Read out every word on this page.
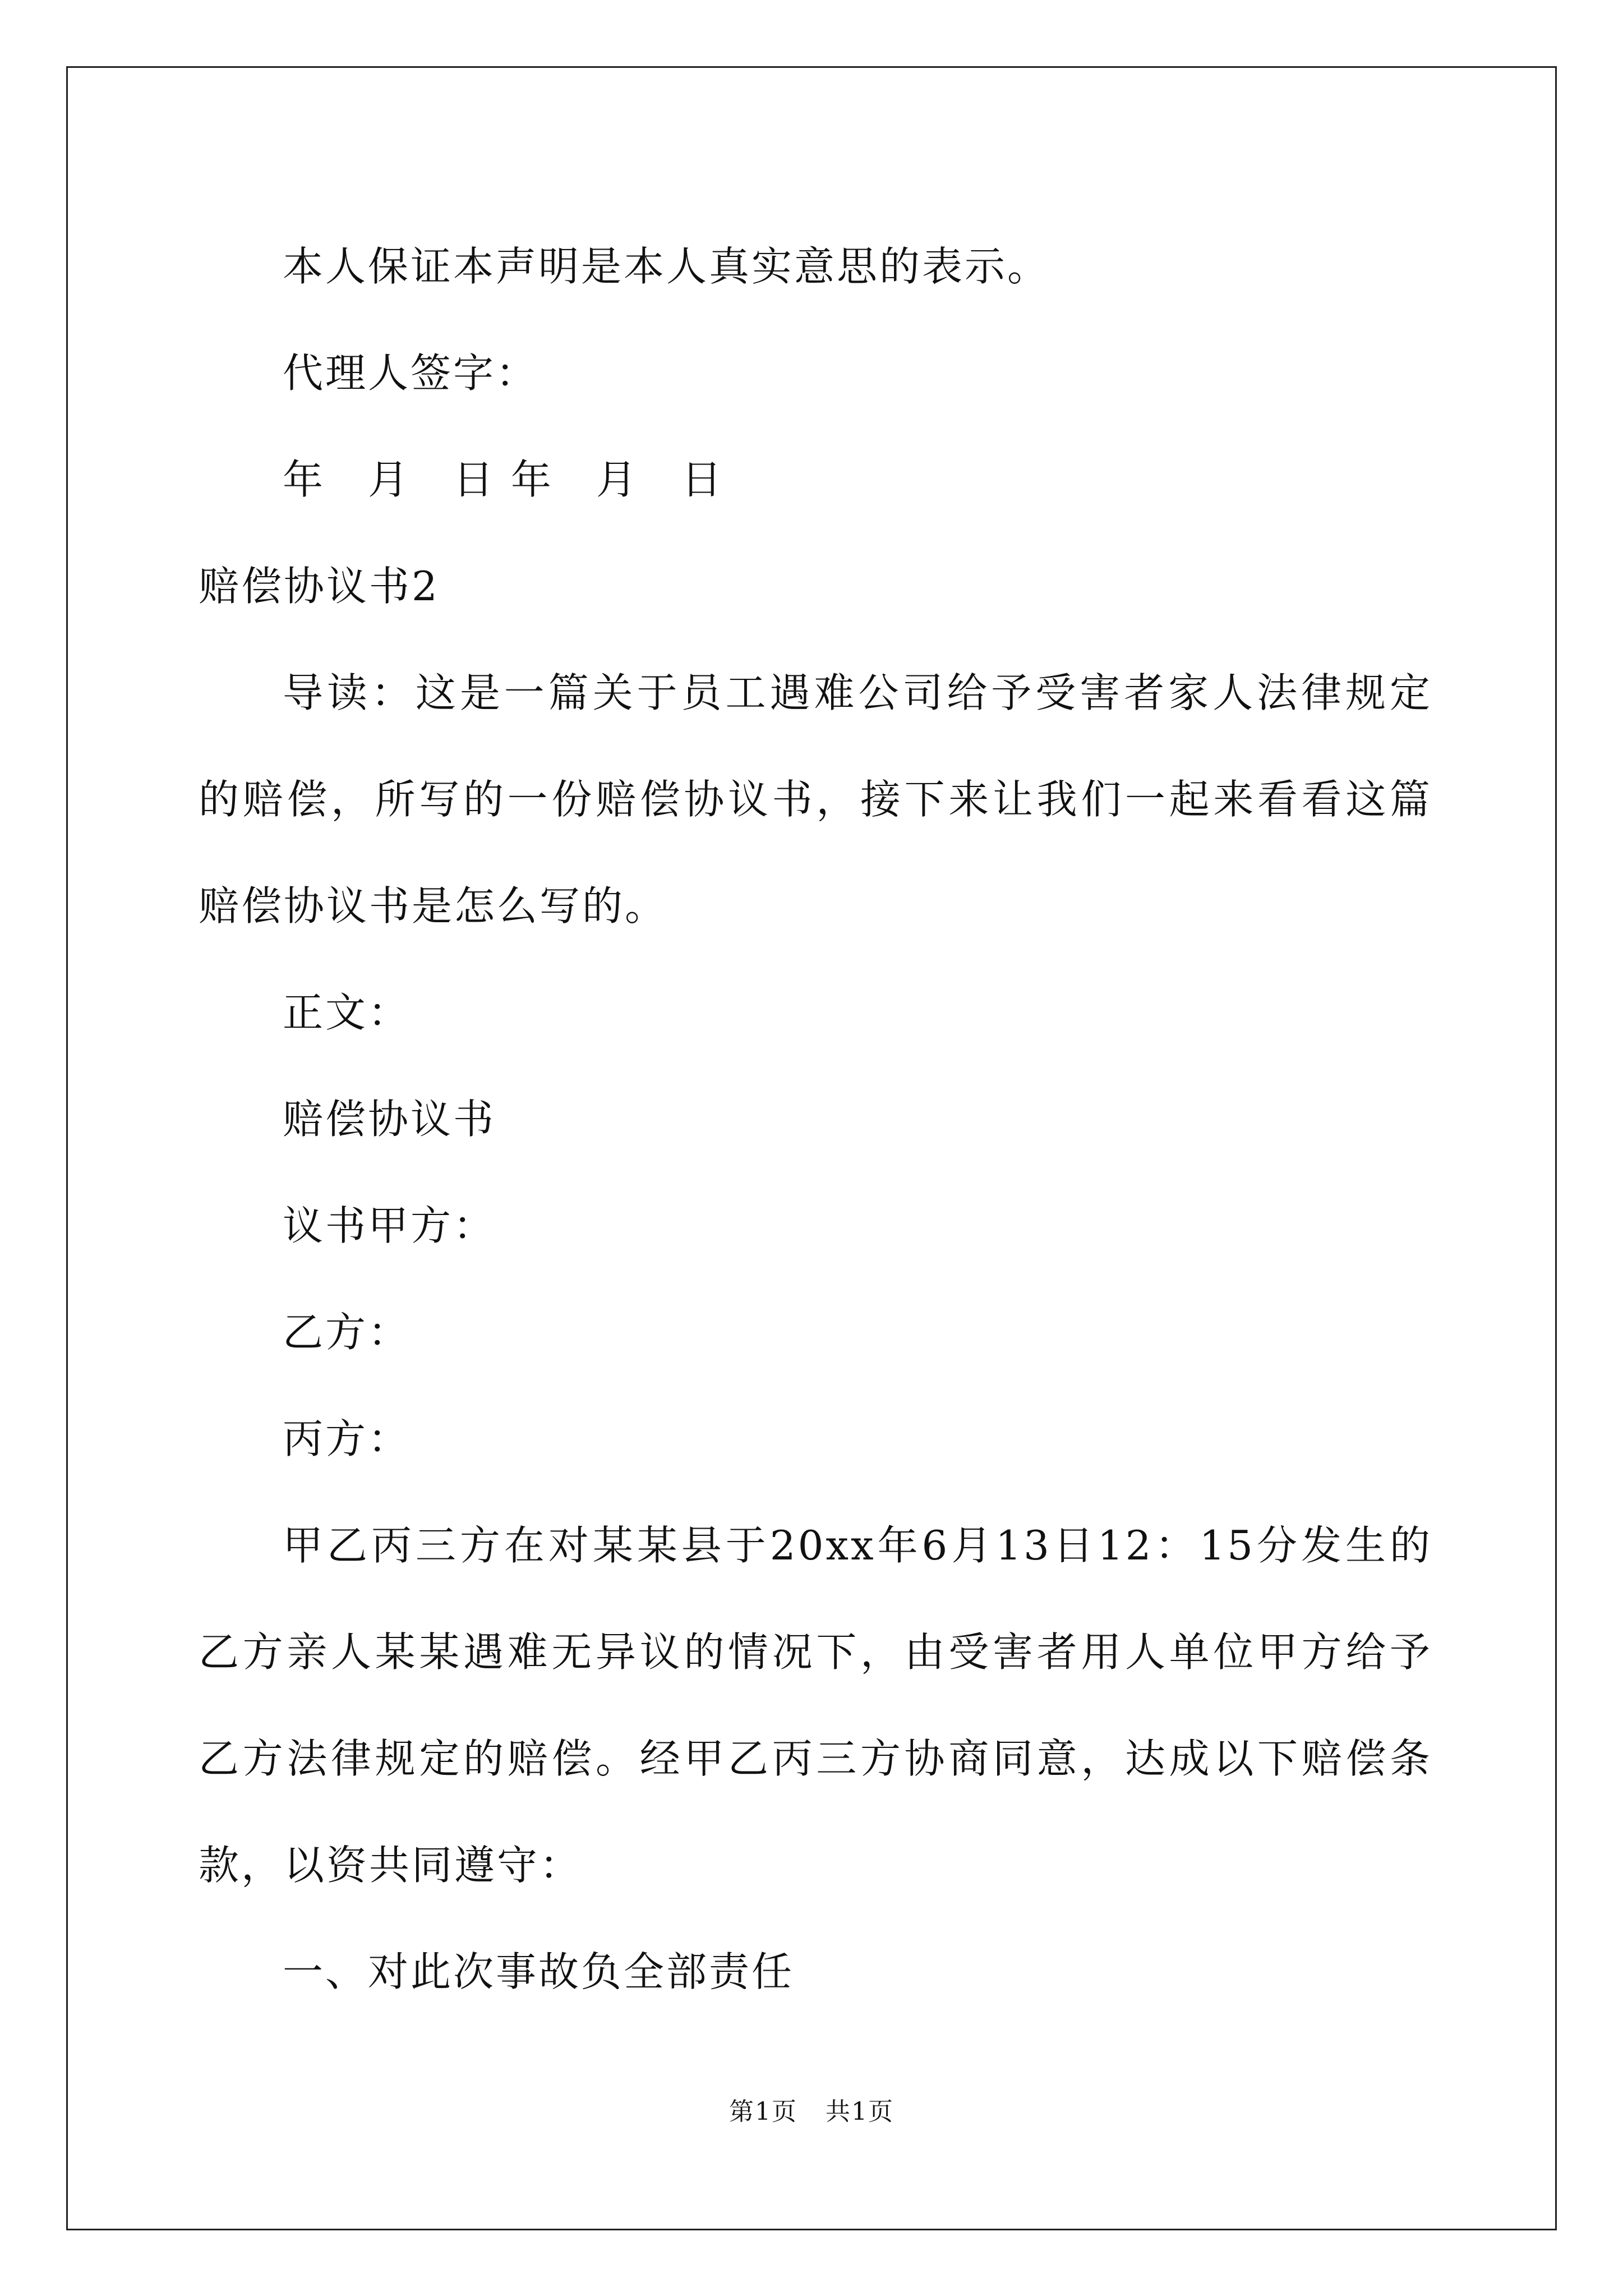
本人保证本声明是本人真实意思的表示。

代理人签字：

年　月　日 年　月　日

赔偿协议书2

导读：这是一篇关于员工遇难公司给予受害者家人法律规定的赔偿，所写的一份赔偿协议书，接下来让我们一起来看看这篇赔偿协议书是怎么写的。

正文：

赔偿协议书

议书甲方：

乙方：

丙方：

甲乙丙三方在对某某县于20xx年6月13日12：15分发生的乙方亲人某某遇难无异议的情况下，由受害者用人单位甲方给予乙方法律规定的赔偿。经甲乙丙三方协商同意，达成以下赔偿条款，以资共同遵守：

一、对此次事故负全部责任

第1页 共1页
